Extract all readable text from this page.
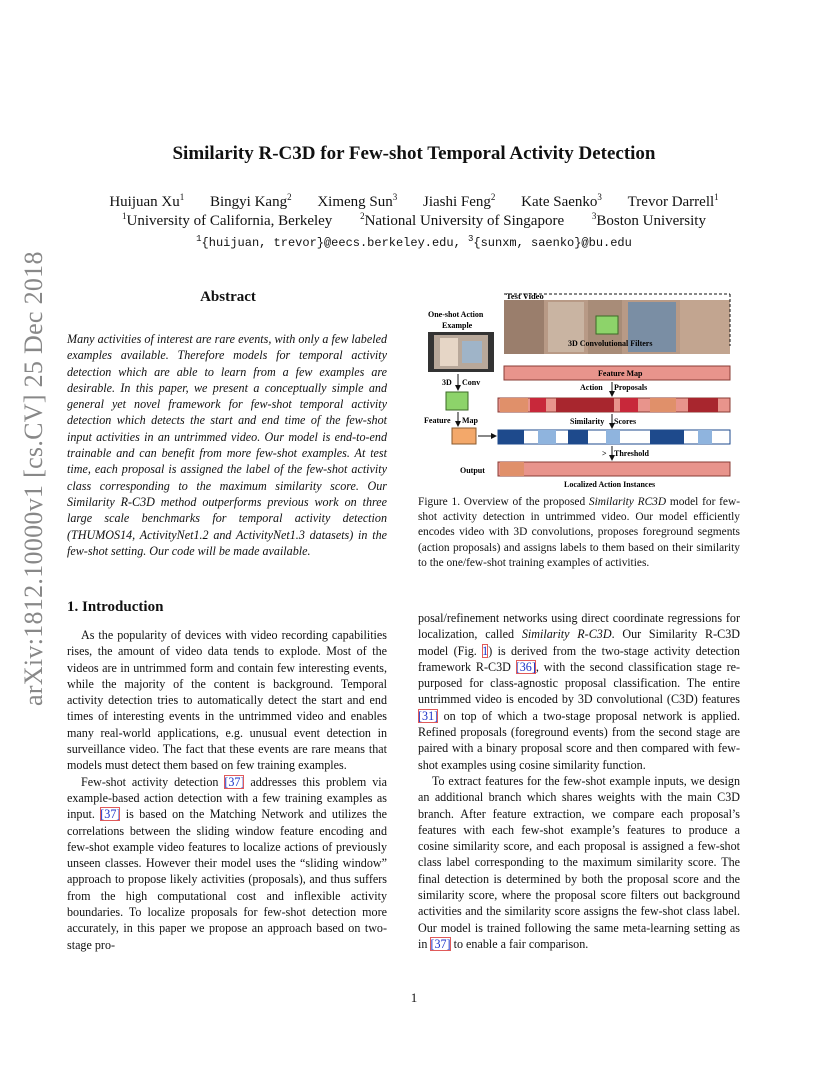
arXiv:1812.10000v1 [cs.CV] 25 Dec 2018
Similarity R-C3D for Few-shot Temporal Activity Detection
Huijuan Xu$^1$ Bingyi Kang$^2$ Ximeng Sun$^3$ Jiashi Feng$^2$ Kate Saenko$^3$ Trevor Darrell$^1$
$^1$University of California, Berkeley	$^2$National University of Singapore	$^3$Boston University
$^1${huijuan, trevor}@eecs.berkeley.edu, $^3${sunxm, saenko}@bu.edu
Abstract
Many activities of interest are rare events, with only a few labeled examples available. Therefore models for temporal activity detection which are able to learn from a few examples are desirable. In this paper, we present a conceptually simple and general yet novel framework for few-shot temporal activity detection which detects the start and end time of the few-shot input activities in an untrimmed video. Our model is end-to-end trainable and can benefit from more few-shot examples. At test time, each proposal is assigned the label of the few-shot activity class corresponding to the maximum similarity score. Our Similarity R-C3D method outperforms previous work on three large scale benchmarks for temporal activity detection (THUMOS14, ActivityNet1.2 and ActivityNet1.3 datasets) in the few-shot setting. Our code will be made available.
1. Introduction

As the popularity of devices with video recording capabilities rises, the amount of video data tends to explode. Most of the videos are in untrimmed form and contain few interesting events, while the majority of the content is background. Temporal activity detection tries to automatically detect the start and end times of interesting events in the untrimmed video and enables many real-world applications, e.g. unusual event detection in surveillance video. The fact that these events are rare means that models must detect them based on few training examples.

Few-shot activity detection [37] addresses this problem via example-based action detection with a few training examples as input. [37] is based on the Matching Network and utilizes the correlations between the sliding window feature encoding and few-shot example video features to localize actions of previously unseen classes. However their model uses the “sliding window” approach to propose likely activities (proposals), and thus suffers from the high computational cost and inflexible activity boundaries. To localize proposals for few-shot detection more accurately, in this paper we propose an approach based on two-stage pro-

Test Video
3D Convolutional Filters
One-shot Action
Example
3D Conv
Feature Map
Feature Map
Action Proposals
Similarity Scores
> Threshold
Output
Localized Action Instances
Figure 1. Overview of the proposed Similarity RC3D model for few-shot activity detection in untrimmed video. Our model efficiently encodes video with 3D convolutions, proposes foreground segments (action proposals) and assigns labels to them based on their similarity to the one/few-shot training examples of activities.

posal/refinement networks using direct coordinate regressions for localization, called Similarity R-C3D. Our Similarity R-C3D model (Fig. 1) is derived from the two-stage activity detection framework R-C3D [36], with the second classification stage re-purposed for class-agnostic proposal classification. The entire untrimmed video is encoded by 3D convolutional (C3D) features [31] on top of which a two-stage proposal network is applied. Refined proposals (foreground events) from the second stage are paired with a binary proposal score and then compared with few-shot examples using cosine similarity function.

To extract features for the few-shot example inputs, we design an additional branch which shares weights with the main C3D branch. After feature extraction, we compare each proposal’s features with each few-shot example’s features to produce a cosine similarity score, and each proposal is assigned a few-shot class label corresponding to the maximum similarity score. The final detection is determined by both the proposal score and the similarity score, where the proposal score filters out background activities and the similarity score assigns the few-shot class label. Our model is trained following the same meta-learning setting as in [37] to enable a fair comparison.

1
